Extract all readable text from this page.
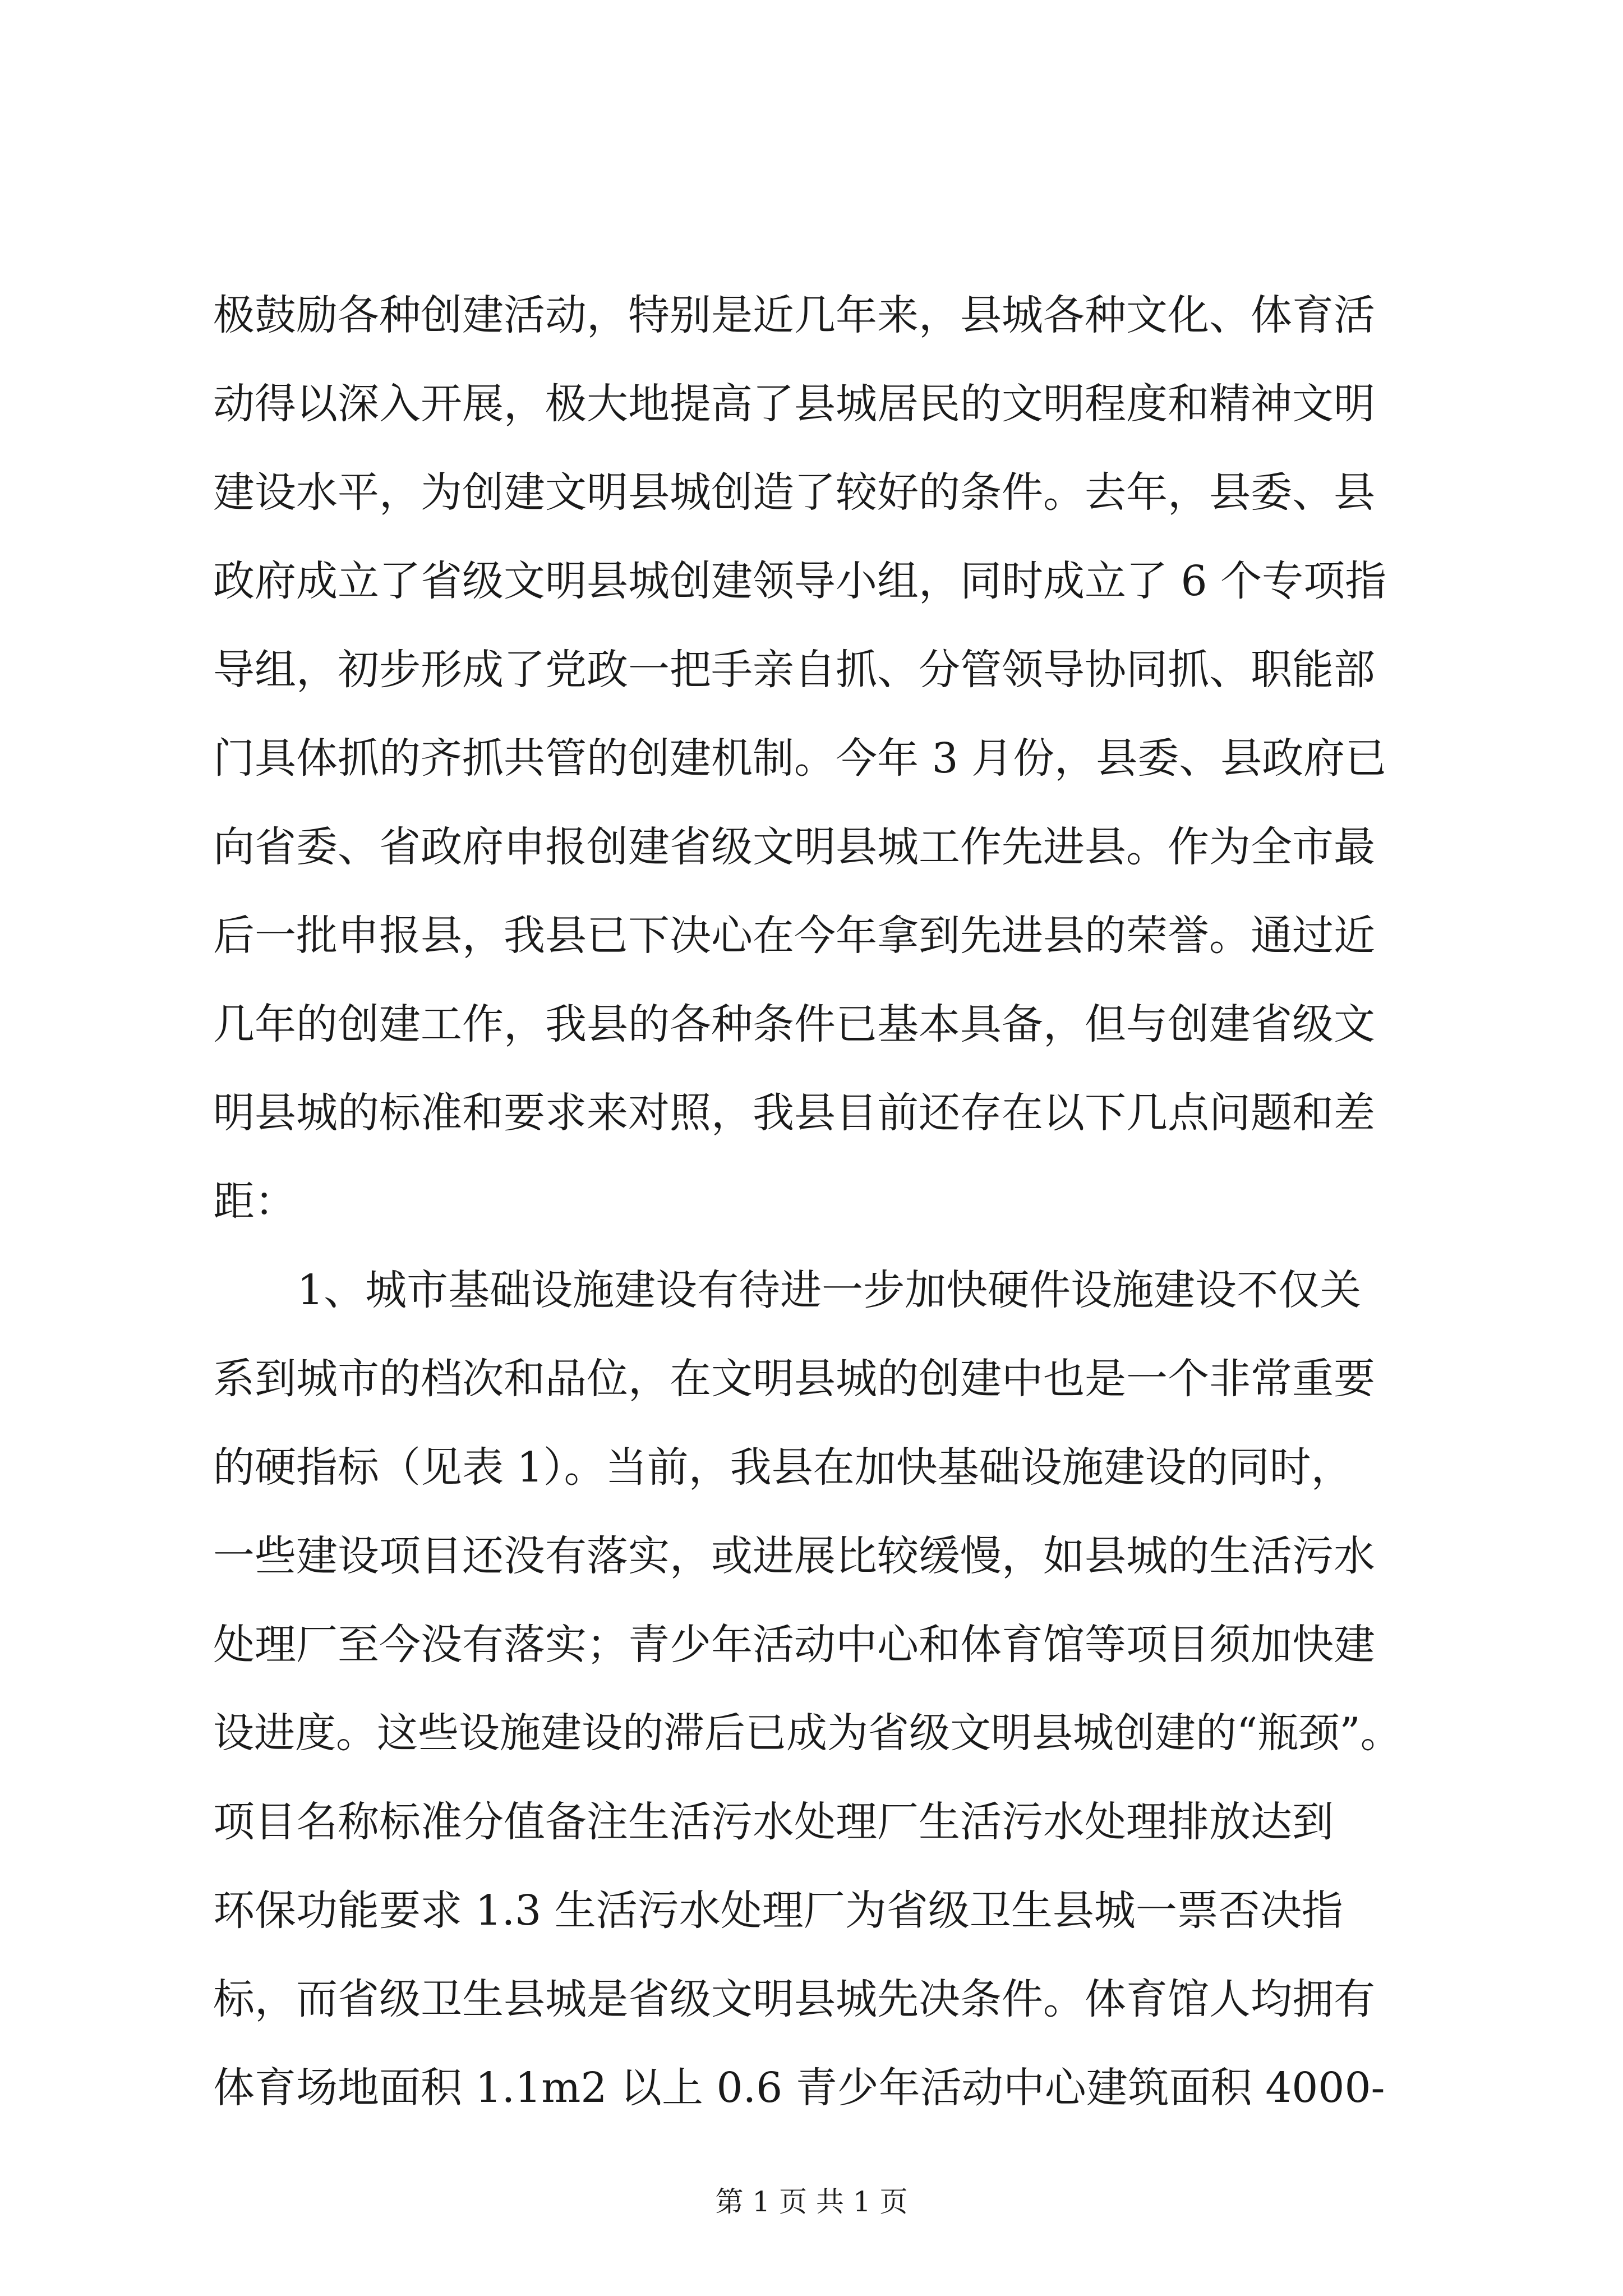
极鼓励各种创建活动，特别是近几年来，县城各种文化、体育活
动得以深入开展，极大地提高了县城居民的文明程度和精神文明
建设水平，为创建文明县城创造了较好的条件。去年，县委、县
政府成立了省级文明县城创建领导小组，同时成立了 6 个专项指
导组，初步形成了党政一把手亲自抓、分管领导协同抓、职能部
门具体抓的齐抓共管的创建机制。今年 3 月份，县委、县政府已
向省委、省政府申报创建省级文明县城工作先进县。作为全市最
后一批申报县，我县已下决心在今年拿到先进县的荣誉。通过近
几年的创建工作，我县的各种条件已基本具备，但与创建省级文
明县城的标准和要求来对照，我县目前还存在以下几点问题和差
距：
1、城市基础设施建设有待进一步加快硬件设施建设不仅关
系到城市的档次和品位，在文明县城的创建中也是一个非常重要
的硬指标（见表 1）。当前，我县在加快基础设施建设的同时，
一些建设项目还没有落实，或进展比较缓慢，如县城的生活污水
处理厂至今没有落实；青少年活动中心和体育馆等项目须加快建
设进度。这些设施建设的滞后已成为省级文明县城创建的“瓶颈”。
项目名称标准分值备注生活污水处理厂生活污水处理排放达到
环保功能要求 1.3 生活污水处理厂为省级卫生县城一票否决指
标，而省级卫生县城是省级文明县城先决条件。体育馆人均拥有
体育场地面积 1.1m2 以上 0.6 青少年活动中心建筑面积 4000-
第 1 页 共 1 页
